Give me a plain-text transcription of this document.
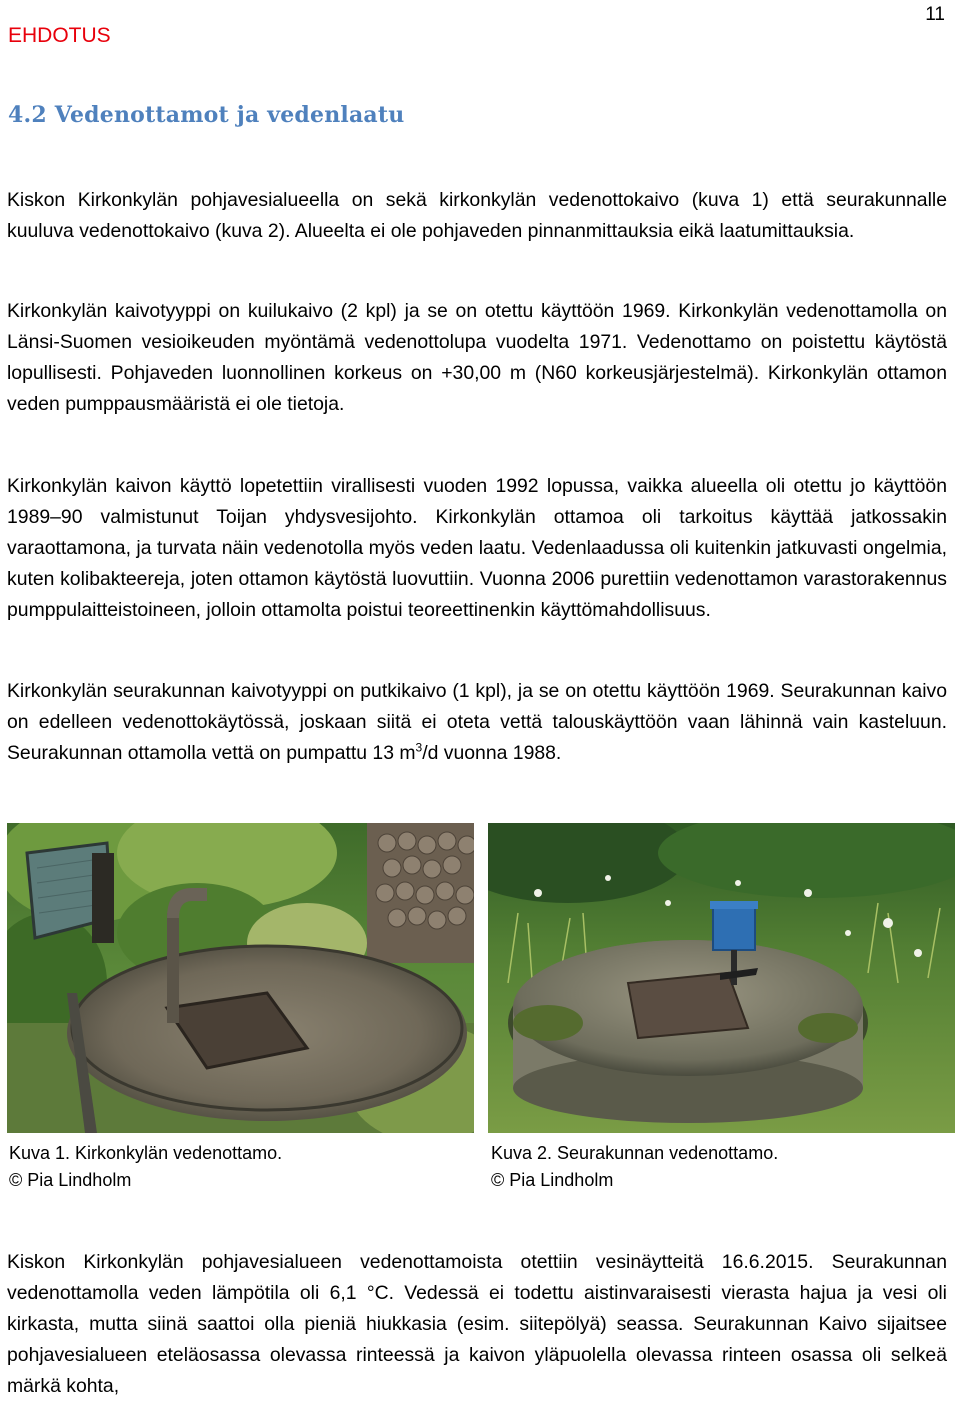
EHDOTUS
11
4.2 Vedenottamot ja vedenlaatu

Kiskon Kirkonkylän pohjavesialueella on sekä kirkonkylän vedenottokaivo (kuva 1) että seurakunnalle kuuluva vedenottokaivo (kuva 2). Alueelta ei ole pohjaveden pinnanmittauksia eikä laatumittauksia.

Kirkonkylän kaivotyyppi on kuilukaivo (2 kpl) ja se on otettu käyttöön 1969. Kirkonkylän vedenottamolla on Länsi-Suomen vesioikeuden myöntämä vedenottolupa vuodelta 1971. Vedenottamo on poistettu käytöstä lopullisesti. Pohjaveden luonnollinen korkeus on +30,00 m (N60 korkeusjärjestelmä). Kirkonkylän ottamon veden pumppausmääristä ei ole tietoja.

Kirkonkylän kaivon käyttö lopetettiin virallisesti vuoden 1992 lopussa, vaikka alueella oli otettu jo käyttöön 1989–90 valmistunut Toijan yhdysvesijohto. Kirkonkylän ottamoa oli tarkoitus käyttää jatkossakin varaottamona, ja turvata näin vedenotolla myös veden laatu. Vedenlaadussa oli kuitenkin jatkuvasti ongelmia, kuten kolibakteereja, joten ottamon käytöstä luovuttiin. Vuonna 2006 purettiin vedenottamon varastorakennus pumppulaitteistoineen, jolloin ottamolta poistui teoreettinenkin käyttömahdollisuus.

Kirkonkylän seurakunnan kaivotyyppi on putkikaivo (1 kpl), ja se on otettu käyttöön 1969. Seurakunnan kaivo on edelleen vedenottokäytössä, joskaan siitä ei oteta vettä talouskäyttöön vaan lähinnä vain kasteluun. Seurakunnan ottamolla vettä on pumpattu 13 $m^3/d$ vuonna 1988.

Kuva 1. Kirkonkylän vedenottamo.
© Pia Lindholm
Kuva 2. Seurakunnan vedenottamo.
© Pia Lindholm

Kiskon Kirkonkylän pohjavesialueen vedenottamoista otettiin vesinäytteitä 16.6.2015. Seurakunnan vedenottamolla veden lämpötila oli 6,1 °C. Vedessä ei todettu aistinvaraisesti vierasta hajua ja vesi oli kirkasta, mutta siinä saattoi olla pieniä hiukkasia (esim. siitepölyä) seassa. Seurakunnan Kaivo sijaitsee pohjavesialueen eteläosassa olevassa rinteessä ja kaivon yläpuolella olevassa rinteen osassa oli selkeä märkä kohta,
